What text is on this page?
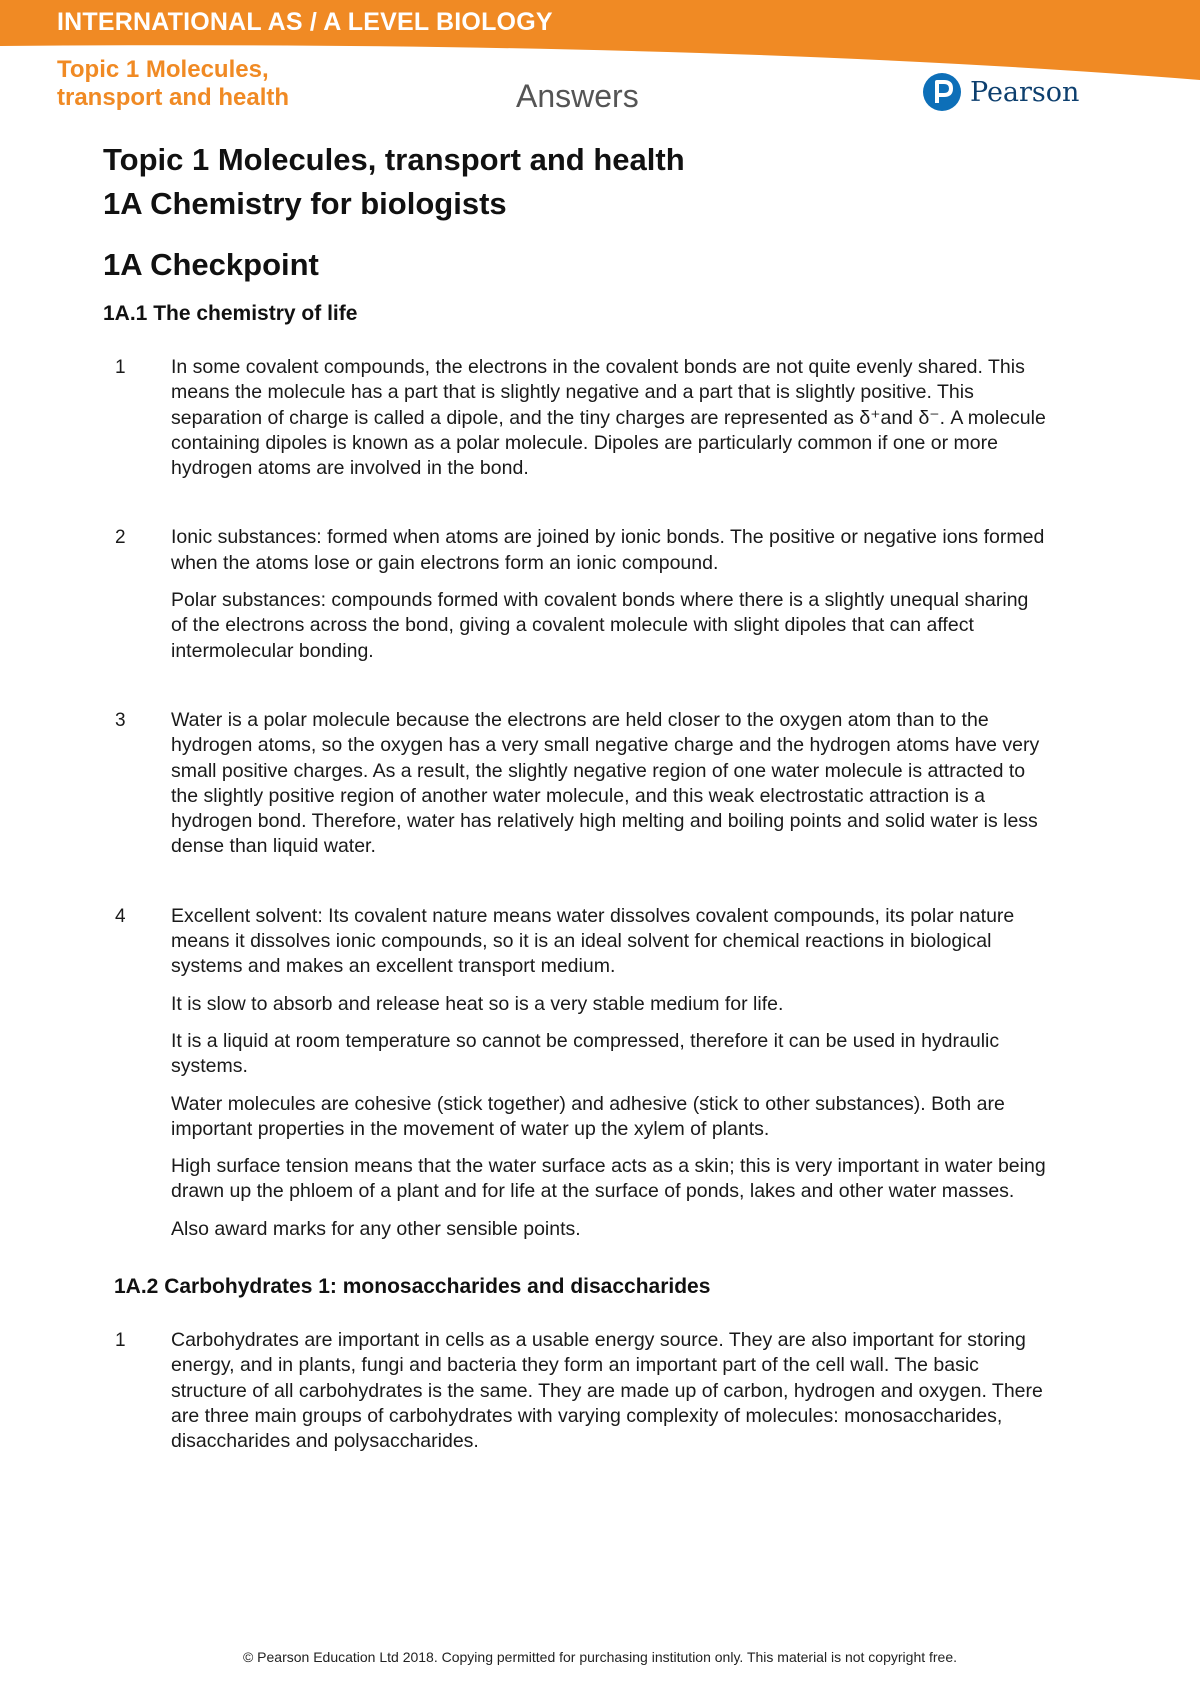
INTERNATIONAL AS / A LEVEL BIOLOGY
Topic 1 Molecules,
transport and health	Answers	Pearson
Topic 1 Molecules, transport and health
1A Chemistry for biologists
1A Checkpoint
1A.1 The chemistry of life
1	In some covalent compounds, the electrons in the covalent bonds are not quite evenly shared. This means the molecule has a part that is slightly negative and a part that is slightly positive. This separation of charge is called a dipole, and the tiny charges are represented as δ⁺and δ⁻. A molecule containing dipoles is known as a polar molecule. Dipoles are particularly common if one or more hydrogen atoms are involved in the bond.

2	Ionic substances: formed when atoms are joined by ionic bonds. The positive or negative ions formed when the atoms lose or gain electrons form an ionic compound.

Polar substances: compounds formed with covalent bonds where there is a slightly unequal sharing of the electrons across the bond, giving a covalent molecule with slight dipoles that can affect intermolecular bonding.

3	Water is a polar molecule because the electrons are held closer to the oxygen atom than to the hydrogen atoms, so the oxygen has a very small negative charge and the hydrogen atoms have very small positive charges. As a result, the slightly negative region of one water molecule is attracted to the slightly positive region of another water molecule, and this weak electrostatic attraction is a hydrogen bond. Therefore, water has relatively high melting and boiling points and solid water is less dense than liquid water.

4	Excellent solvent: Its covalent nature means water dissolves covalent compounds, its polar nature means it dissolves ionic compounds, so it is an ideal solvent for chemical reactions in biological systems and makes an excellent transport medium.

It is slow to absorb and release heat so is a very stable medium for life.

It is a liquid at room temperature so cannot be compressed, therefore it can be used in hydraulic systems.

Water molecules are cohesive (stick together) and adhesive (stick to other substances). Both are important properties in the movement of water up the xylem of plants.

High surface tension means that the water surface acts as a skin; this is very important in water being drawn up the phloem of a plant and for life at the surface of ponds, lakes and other water masses.

Also award marks for any other sensible points.

1A.2 Carbohydrates 1: monosaccharides and disaccharides
1	Carbohydrates are important in cells as a usable energy source. They are also important for storing energy, and in plants, fungi and bacteria they form an important part of the cell wall. The basic structure of all carbohydrates is the same. They are made up of carbon, hydrogen and oxygen. There are three main groups of carbohydrates with varying complexity of molecules: monosaccharides, disaccharides and polysaccharides.

© Pearson Education Ltd 2018. Copying permitted for purchasing institution only. This material is not copyright free.
